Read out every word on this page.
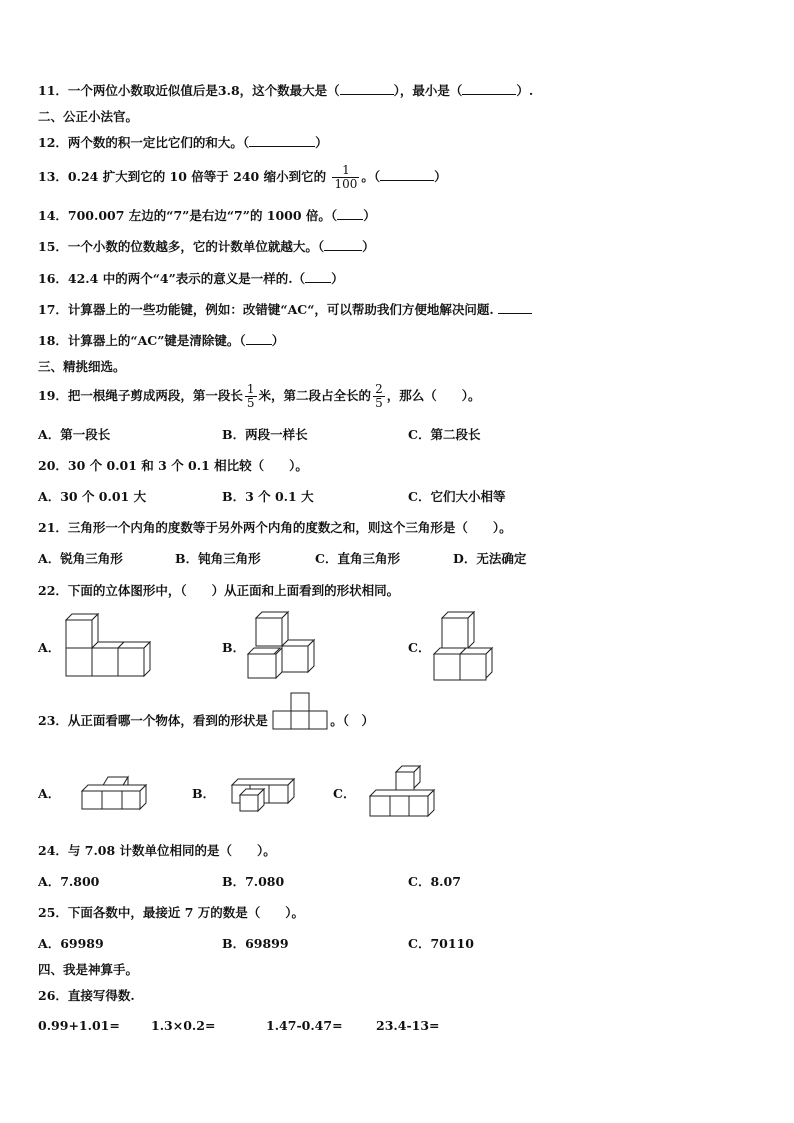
11．一个两位小数取近似值后是3.8，这个数最大是（	），最小是（	）.
二、公正小法官。
12．两个数的积一定比它们的和大。（	）
13．0.24 扩大到它的 10 倍等于 240 缩小到它的 $\frac{1}{100}$ 。（	）
14．700.007 左边的“7”是右边“7”的 1000 倍。（ ）
15．一个小数的位数越多，它的计数单位就越大。（	）
16．42.4 中的两个“4”表示的意义是一样的.（ ）
17．计算器上的一些功能键，例如：改错键“AC“，可以帮助我们方便地解决问题.
18．计算器上的“AC”键是清除键。（ ）
三、精挑细选。
19．把一根绳子剪成两段，第一段长 $\frac{1}{5}$ 米，第二段占全长的 $\frac{2}{5}$ ，那么（　　）。
A．第一段长	B．两段一样长	C．第二段长
20．30 个 0.01 和 3 个 0.1 相比较（　　）。
A．30 个 0.01 大	B．3 个 0.1 大	C．它们大小相等
21．三角形一个内角的度数等于另外两个内角的度数之和，则这个三角形是（　　）。
A．锐角三角形	B．钝角三角形	C．直角三角形	D．无法确定
22．下面的立体图形中，（　　）从正面和上面看到的形状相同。
A．	B．	C．
23．从正面看哪一个物体，看到的形状是	。（　）
A．	B．	C．
24．与 7.08 计数单位相同的是（　　）。
A．7.800	B．7.080	C．8.07
25．下面各数中，最接近 7 万的数是（　　）。
A．69989	B．69899	C．70110
四、我是神算手。
26．直接写得数.
0.99+1.01= 1.3×0.2=	1.47-0.47=	23.4-13=
